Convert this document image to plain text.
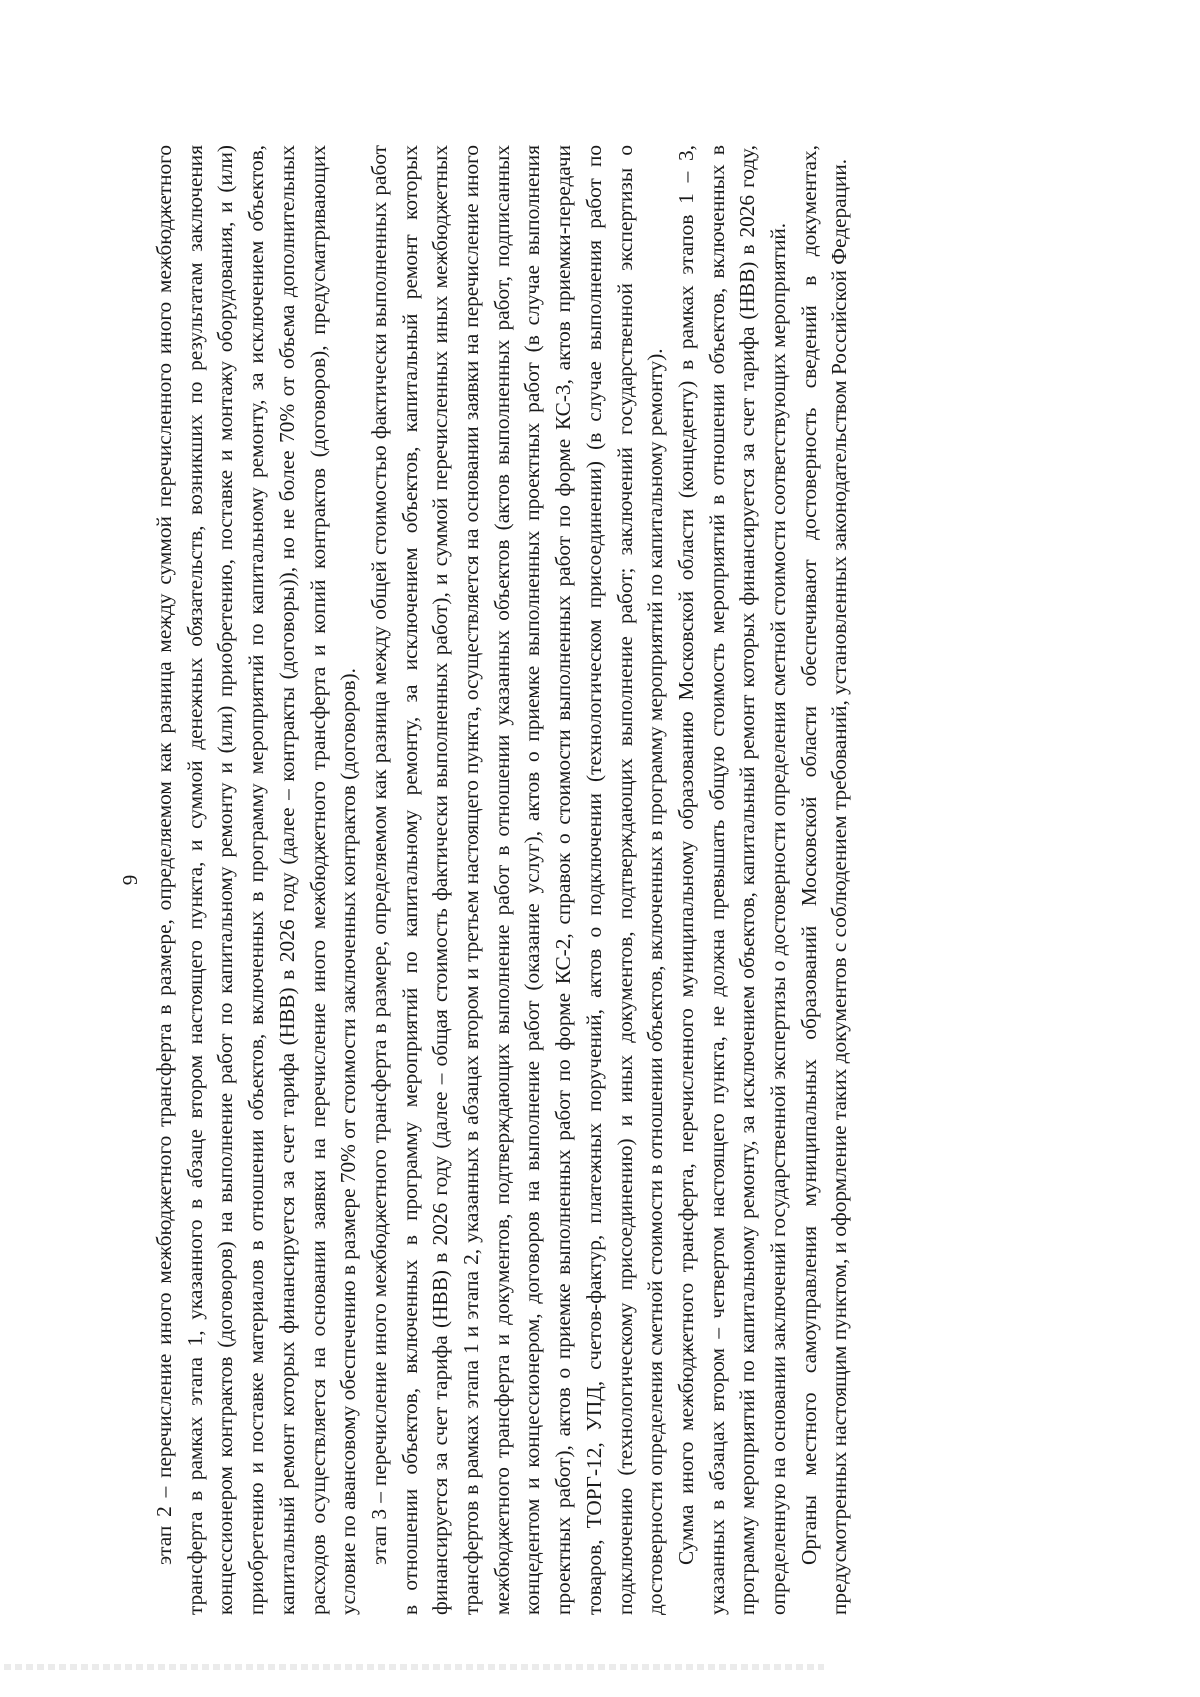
9 этап 2 – перечисление иного межбюджетного трансферта в размере, определяемом как разница между суммой перечисленного иного межбюджетного трансферта в рамках этапа 1, указанного в абзаце втором настоящего пункта, и суммой денежных обязательств, возникших по результатам заключения концессионером контрактов (договоров) на выполнение работ по капитальному ремонту и (или) приобретению, поставке и монтажу оборудования, и (или) приобретению и поставке материалов в отношении объектов, включенных в программу мероприятий по капитальному ремонту, за исключением объектов, капитальный ремонт которых финансируется за счет тарифа (НВВ) в 2026 году (далее – контракты (договоры)), но не более 70% от объема дополнительных расходов осуществляется на основании заявки на перечисление иного межбюджетного трансферта и копий контрактов (договоров), предусматривающих условие по авансовому обеспечению в размере 70% от стоимости заключенных контрактов (договоров). этап 3 – перечисление иного межбюджетного трансферта в размере, определяемом как разница между общей стоимостью фактически выполненных работ в отношении объектов, включенных в программу мероприятий по капитальному ремонту, за исключением объектов, капитальный ремонт которых финансируется за счет тарифа (НВВ) в 2026 году (далее – общая стоимость фактически выполненных работ), и суммой перечисленных иных межбюджетных трансфертов в рамках этапа 1 и этапа 2, указанных в абзацах втором и третьем настоящего пункта, осуществляется на основании заявки на перечисление иного межбюджетного трансферта и документов, подтверждающих выполнение работ в отношении указанных объектов (актов выполненных работ, подписанных концедентом и концессионером, договоров на выполнение работ (оказание услуг), актов о приемке выполненных проектных работ (в случае выполнения проектных работ), актов о приемке выполненных работ по форме КС-2, справок о стоимости выполненных работ по форме КС-3, актов приемки-передачи товаров, ТОРГ-12, УПД, счетов-фактур, платежных поручений, актов о подключении (технологическом присоединении) (в случае выполнения работ по подключению (технологическому присоединению) и иных документов, подтверждающих выполнение работ; заключений государственной экспертизы о достоверности определения сметной стоимости в отношении объектов, включенных в программу мероприятий по капитальному ремонту). Сумма иного межбюджетного трансферта, перечисленного муниципальному образованию Московской области (концеденту) в рамках этапов 1 – 3, указанных в абзацах втором – четвертом настоящего пункта, не должна превышать общую стоимость мероприятий в отношении объектов, включенных в программу мероприятий по капитальному ремонту, за исключением объектов, капитальный ремонт которых финансируется за счет тарифа (НВВ) в 2026 году, определенную на основании заключений государственной экспертизы о достоверности определения сметной стоимости соответствующих мероприятий. Органы местного самоуправления муниципальных образований Московской области обеспечивают достоверность сведений в документах, предусмотренных настоящим пунктом, и оформление таких документов с соблюдением требований, установленных законодательством Российской Федерации.
